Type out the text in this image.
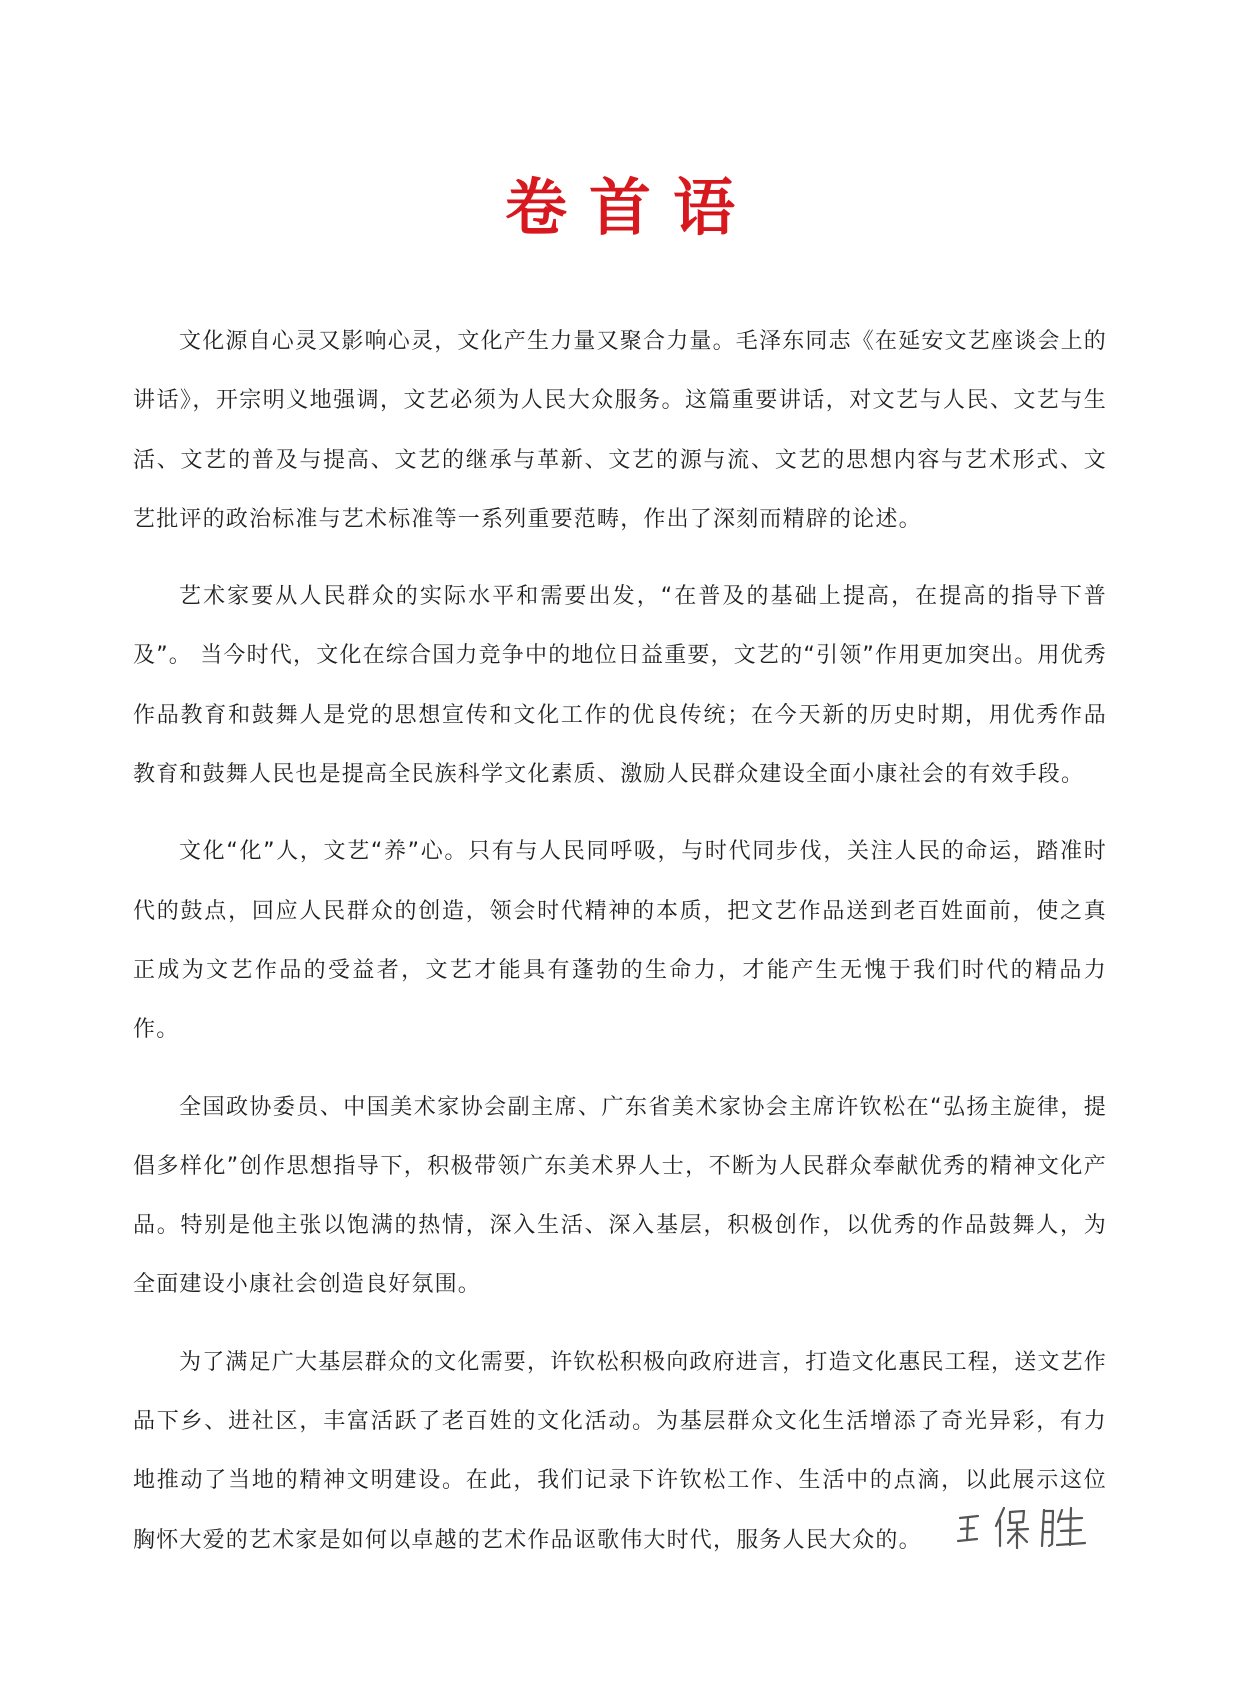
卷首语

文化源自心灵又影响心灵，文化产生力量又聚合力量。毛泽东同志《在延安文艺座谈会上的讲话》，开宗明义地强调，文艺必须为人民大众服务。这篇重要讲话，对文艺与人民、文艺与生活、文艺的普及与提高、文艺的继承与革新、文艺的源与流、文艺的思想内容与艺术形式、文艺批评的政治标准与艺术标准等一系列重要范畴，作出了深刻而精辟的论述。

艺术家要从人民群众的实际水平和需要出发，“在普及的基础上提高，在提高的指导下普及”。 当今时代，文化在综合国力竞争中的地位日益重要，文艺的“引领”作用更加突出。用优秀作品教育和鼓舞人是党的思想宣传和文化工作的优良传统；在今天新的历史时期，用优秀作品教育和鼓舞人民也是提高全民族科学文化素质、激励人民群众建设全面小康社会的有效手段。

文化“化”人，文艺“养”心。只有与人民同呼吸，与时代同步伐，关注人民的命运，踏准时代的鼓点，回应人民群众的创造，领会时代精神的本质，把文艺作品送到老百姓面前，使之真正成为文艺作品的受益者，文艺才能具有蓬勃的生命力，才能产生无愧于我们时代的精品力作。

全国政协委员、中国美术家协会副主席、广东省美术家协会主席许钦松在“弘扬主旋律，提倡多样化”创作思想指导下，积极带领广东美术界人士，不断为人民群众奉献优秀的精神文化产品。特别是他主张以饱满的热情，深入生活、深入基层，积极创作，以优秀的作品鼓舞人，为全面建设小康社会创造良好氛围。

为了满足广大基层群众的文化需要，许钦松积极向政府进言，打造文化惠民工程，送文艺作品下乡、进社区，丰富活跃了老百姓的文化活动。为基层群众文化生活增添了奇光异彩，有力地推动了当地的精神文明建设。在此，我们记录下许钦松工作、生活中的点滴，以此展示这位胸怀大爱的艺术家是如何以卓越的艺术作品讴歌伟大时代，服务人民大众的。
